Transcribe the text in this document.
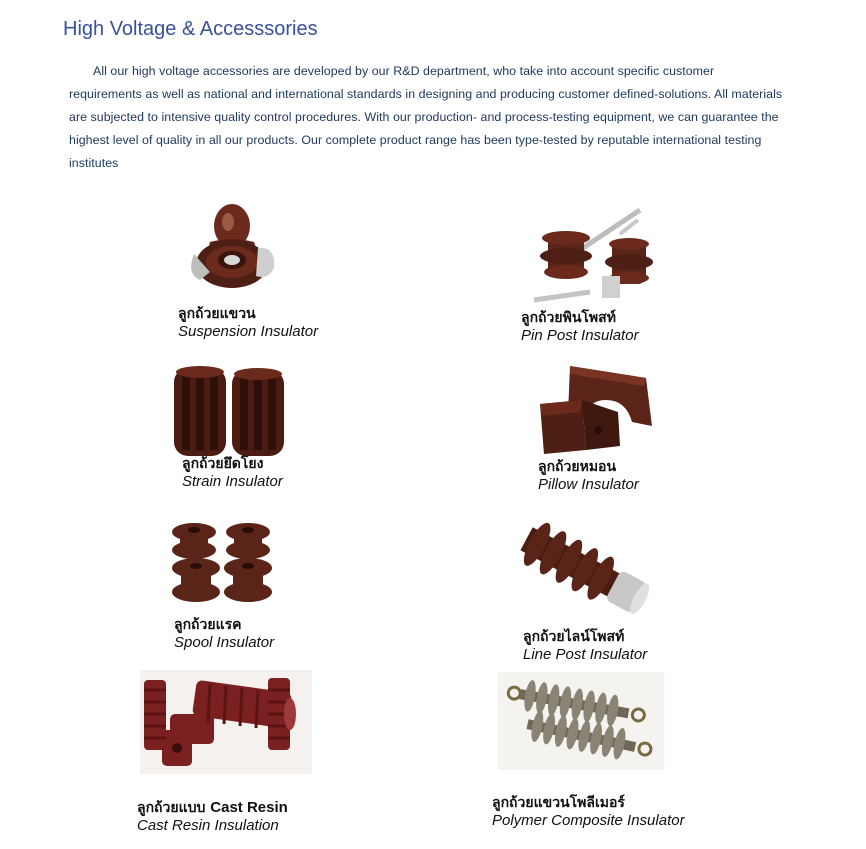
High Voltage & Accesssories

All our high voltage accessories are developed by our R&D department, who take into account specific customer requirements as well as national and international standards in designing and producing customer defined-solutions. All materials are subjected to intensive quality control procedures. With our production- and process-testing equipment, we can guarantee the highest level of quality in all our products. Our complete product range has been type-tested by reputable international testing institutes

ลูกถ้วยแขวน
Suspension Insulator
ลูกถ้วยพินโพสท์
Pin Post Insulator
ลูกถ้วยยึดโยง
Strain Insulator
ลูกถ้วยหมอน
Pillow Insulator
ลูกถ้วยแรค
Spool Insulator	ลูกถ้วยไลน์โพสท์
Line Post Insulator
ลูกถ้วยแบบ Cast Resin
Cast Resin Insulation
ลูกถ้วยแขวนโพลีเมอร์
Polymer Composite Insulator
